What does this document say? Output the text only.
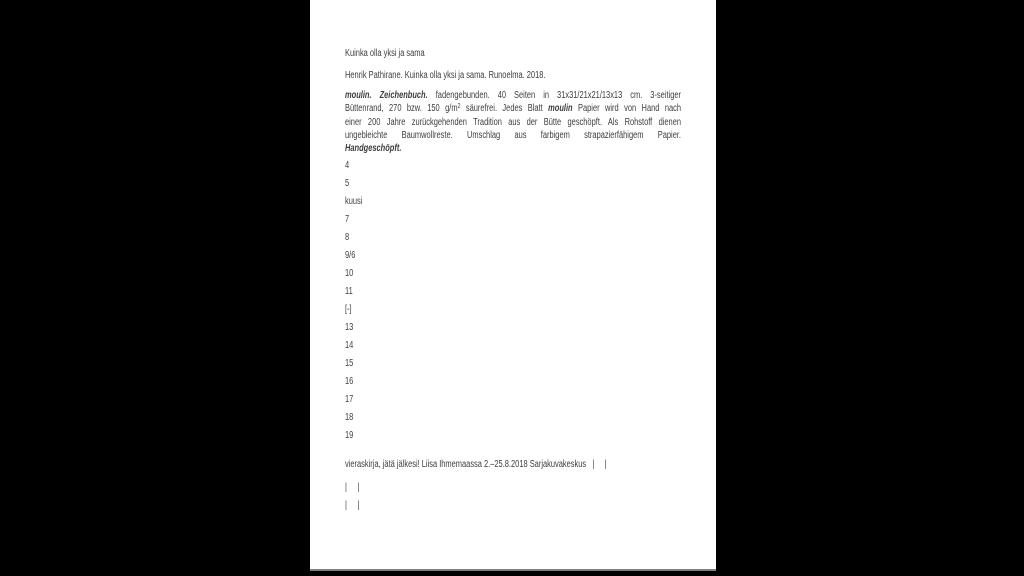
Kuinka olla yksi ja sama
Henrik Pathirane. Kuinka olla yksi ja sama. Runoelma. 2018.
moulin. Zeichenbuch. fadengebunden. 40 Seiten in 31x31/21x21/13x13 cm. 3-seitiger
Büttenrand, 270 bzw. 150 $g/m^2$ säurefrei. Jedes Blatt moulin Papier wird von Hand nach
einer 200 Jahre zurückgehenden Tradition aus der Bütte geschöpft. Als Rohstoff dienen
ungebleichte Baumwollreste. Umschlag aus farbigem strapazierfähigem Papier.
Handgeschöpft.
4
5
kuusi
7
8
9/6
10
11
[-]
13
14
15
16
17
18
19
vieraskirja, jätä jälkesi! Liisa Ihmemaassa 2.–25.8.2018 Sarjakuvakeskus   |     |
|     |
|     |
